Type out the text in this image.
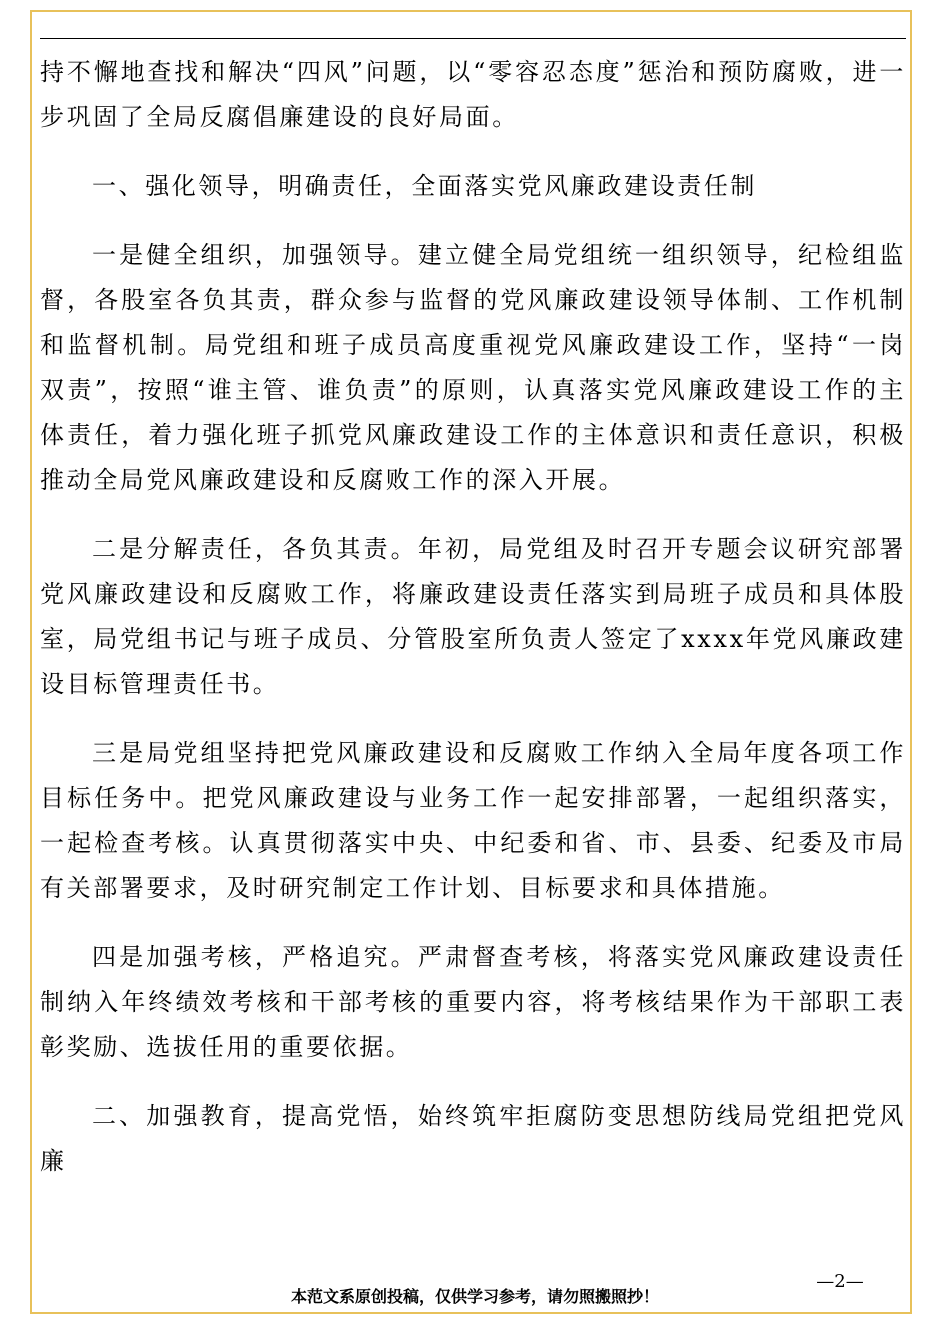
持不懈地查找和解决“四风”问题，以“零容忍态度”惩治和预防腐败，进一步巩固了全局反腐倡廉建设的良好局面。

一、强化领导，明确责任，全面落实党风廉政建设责任制

一是健全组织，加强领导。建立健全局党组统一组织领导，纪检组监督，各股室各负其责，群众参与监督的党风廉政建设领导体制、工作机制和监督机制。局党组和班子成员高度重视党风廉政建设工作，坚持“一岗双责”，按照“谁主管、谁负责”的原则，认真落实党风廉政建设工作的主体责任，着力强化班子抓党风廉政建设工作的主体意识和责任意识，积极推动全局党风廉政建设和反腐败工作的深入开展。

二是分解责任，各负其责。年初，局党组及时召开专题会议研究部署党风廉政建设和反腐败工作，将廉政建设责任落实到局班子成员和具体股室，局党组书记与班子成员、分管股室所负责人签定了xxxx年党风廉政建设目标管理责任书。

三是局党组坚持把党风廉政建设和反腐败工作纳入全局年度各项工作目标任务中。把党风廉政建设与业务工作一起安排部署，一起组织落实，一起检查考核。认真贯彻落实中央、中纪委和省、市、县委、纪委及市局有关部署要求，及时研究制定工作计划、目标要求和具体措施。

四是加强考核，严格追究。严肃督查考核，将落实党风廉政建设责任制纳入年终绩效考核和干部考核的重要内容，将考核结果作为干部职工表彰奖励、选拔任用的重要依据。

二、加强教育，提高党悟，始终筑牢拒腐防变思想防线局党组把党风廉

—2—
本范文系原创投稿，仅供学习参考，请勿照搬照抄！
